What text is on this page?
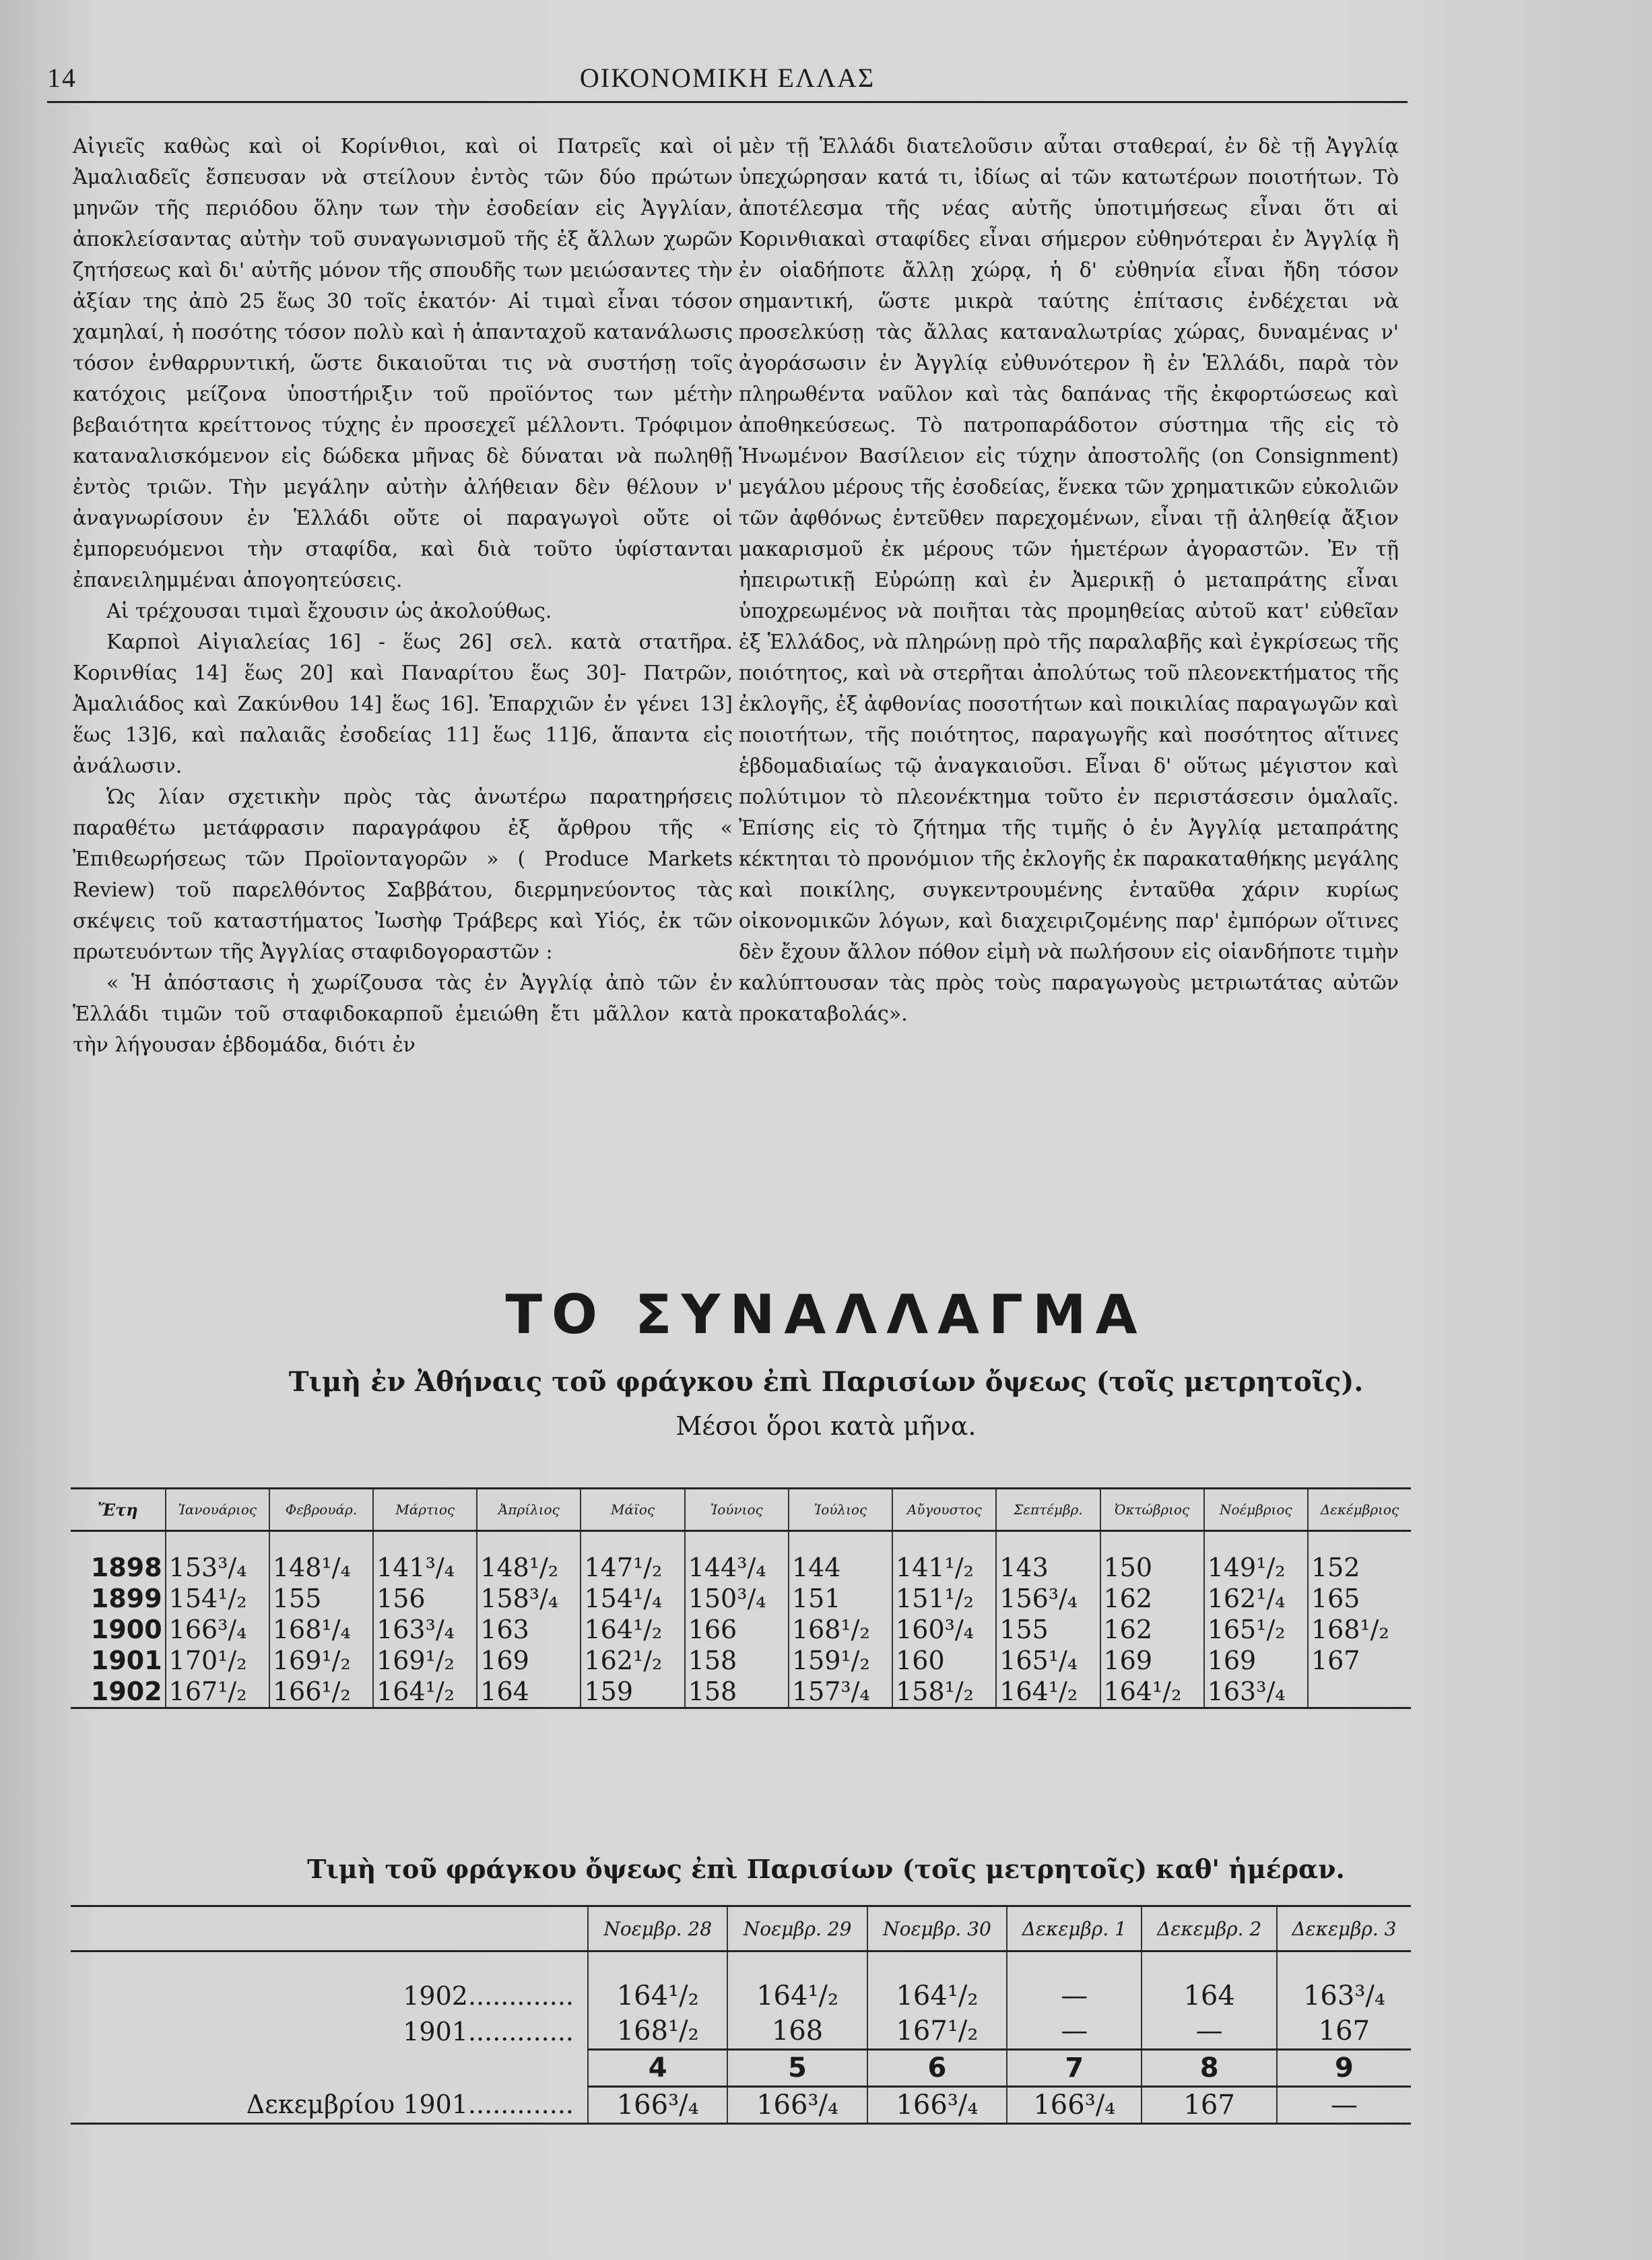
14	ΟΙΚΟΝΟΜΙΚΗ ΕΛΛΑΣ

Αἰγιεῖς καθὼς καὶ οἱ Κορίνθιοι, καὶ οἱ Πατρεῖς καὶ οἱ Ἀμαλιαδεῖς ἔσπευσαν νὰ στείλουν ἐντὸς τῶν δύο πρώτων μηνῶν τῆς περιόδου ὅλην των τὴν ἐσοδείαν εἰς Ἀγγλίαν, ἀποκλείσαντας αὐτὴν τοῦ συναγωνισμοῦ τῆς ἐξ ἄλλων χωρῶν ζητήσεως καὶ δι' αὐτῆς μόνον τῆς σπουδῆς των μειώσαντες τὴν ἀξίαν της ἀπὸ 25 ἕως 30 τοῖς ἑκατόν· Αἱ τιμαὶ εἶναι τόσον χαμηλαί, ἡ ποσότης τόσον πολὺ καὶ ἡ ἁπανταχοῦ κατανάλωσις τόσον ἐνθαρρυντική, ὥστε δικαιοῦται τις νὰ συστήσῃ τοῖς κατόχοις μείζονα ὑποστήριξιν τοῦ προϊόντος των μέτὴν βεβαιότητα κρείττονος τύχης ἐν προσεχεῖ μέλλοντι. Τρόφιμον καταναλισκόμενον εἰς δώδεκα μῆνας δὲ δύναται νὰ πωληθῇ ἐντὸς τριῶν. Τὴν μεγάλην αὐτὴν ἀλήθειαν δὲν θέλουν ν' ἀναγνωρίσουν ἐν Ἑλλάδι οὔτε οἱ παραγωγοὶ οὔτε οἱ ἐμπορευόμενοι τὴν σταφίδα, καὶ διὰ τοῦτο ὑφίστανται ἐπανειλημμέναι ἀπογοητεύσεις.

Αἱ τρέχουσαι τιμαὶ ἔχουσιν ὡς ἀκολούθως.

Καρποὶ Αἰγιαλείας 16] - ἕως 26] σελ. κατὰ στατῆρα. Κορινθίας 14] ἕως 20] καὶ Παναρίτου ἕως 30]- Πατρῶν, Ἀμαλιάδος καὶ Ζακύνθου 14] ἕως 16]. Ἐπαρχιῶν ἐν γένει 13] ἕως 13]6, καὶ παλαιᾶς ἐσοδείας 11] ἕως 11]6, ἅπαντα εἰς ἀνάλωσιν.

Ὡς λίαν σχετικὴν πρὸς τὰς ἀνωτέρω παρατηρήσεις παραθέτω μετάφρασιν παραγράφου ἐξ ἄρθρου τῆς « Ἐπιθεωρήσεως τῶν Προϊονταγορῶν » ( Produce Markets Review) τοῦ παρελθόντος Σαββάτου, διερμηνεύοντος τὰς σκέψεις τοῦ καταστήματος Ἰωσὴφ Τράβερς καὶ Υἱός, ἐκ τῶν πρωτευόντων τῆς Ἀγγλίας σταφιδογοραστῶν :

« Ἡ ἀπόστασις ἡ χωρίζουσα τὰς ἐν Ἀγγλίᾳ ἀπὸ τῶν ἐν Ἑλλάδι τιμῶν τοῦ σταφιδοκαρποῦ ἐμειώθη ἔτι μᾶλλον κατὰ τὴν λήγουσαν ἑβδομάδα, διότι ἐν

μὲν τῇ Ἑλλάδι διατελοῦσιν αὗται σταθεραί, ἐν δὲ τῇ Ἀγγλίᾳ ὑπεχώρησαν κατά τι, ἰδίως αἱ τῶν κατωτέρων ποιοτήτων. Τὸ ἀποτέλεσμα τῆς νέας αὐτῆς ὑποτιμήσεως εἶναι ὅτι αἱ Κορινθιακαὶ σταφίδες εἶναι σήμερον εὐθηνότεραι ἐν Ἀγγλίᾳ ἢ ἐν οἱαδήποτε ἄλλῃ χώρᾳ, ἡ δ' εὐθηνία εἶναι ἤδη τόσον σημαντική, ὥστε μικρὰ ταύτης ἐπίτασις ἐνδέχεται νὰ προσελκύσῃ τὰς ἄλλας καταναλωτρίας χώρας, δυναμένας ν' ἀγοράσωσιν ἐν Ἀγγλίᾳ εὐθυνότερον ἢ ἐν Ἑλλάδι, παρὰ τὸν πληρωθέντα ναῦλον καὶ τὰς δαπάνας τῆς ἐκφορτώσεως καὶ ἀποθηκεύσεως. Τὸ πατροπαράδοτον σύστημα τῆς εἰς τὸ Ἡνωμένον Βασίλειον εἰς τύχην ἀποστολῆς (on Consignment) μεγάλου μέρους τῆς ἐσοδείας, ἕνεκα τῶν χρηματικῶν εὐκολιῶν τῶν ἀφθόνως ἐντεῦθεν παρεχομένων, εἶναι τῇ ἀληθείᾳ ἄξιον μακαρισμοῦ ἐκ μέρους τῶν ἡμετέρων ἀγοραστῶν. Ἐν τῇ ἠπειρωτικῇ Εὐρώπῃ καὶ ἐν Ἀμερικῇ ὁ μεταπράτης εἶναι ὑποχρεωμένος νὰ ποιῆται τὰς προμηθείας αὐτοῦ κατ' εὐθεῖαν ἐξ Ἑλλάδος, νὰ πληρώνῃ πρὸ τῆς παραλαβῆς καὶ ἐγκρίσεως τῆς ποιότητος, καὶ νὰ στερῆται ἀπολύτως τοῦ πλεονεκτήματος τῆς ἐκλογῆς, ἐξ ἀφθονίας ποσοτήτων καὶ ποικιλίας παραγωγῶν καὶ ποιοτήτων, τῆς ποιότητος, παραγωγῆς καὶ ποσότητος αἵτινες ἑβδομαδιαίως τῷ ἀναγκαιοῦσι. Εἶναι δ' οὕτως μέγιστον καὶ πολύτιμον τὸ πλεονέκτημα τοῦτο ἐν περιστάσεσιν ὁμαλαῖς. Ἐπίσης εἰς τὸ ζήτημα τῆς τιμῆς ὁ ἐν Ἀγγλίᾳ μεταπράτης κέκτηται τὸ προνόμιον τῆς ἐκλογῆς ἐκ παρακαταθήκης μεγάλης καὶ ποικίλης, συγκεντρουμένης ἐνταῦθα χάριν κυρίως οἰκονομικῶν λόγων, καὶ διαχειριζομένης παρ' ἐμπόρων οἵτινες δὲν ἔχουν ἄλλον πόθον εἰμὴ νὰ πωλήσουν εἰς οἱανδήποτε τιμὴν καλύπτουσαν τὰς πρὸς τοὺς παραγωγοὺς μετριωτάτας αὐτῶν προκαταβολάς».

ΤΟ ΣΥΝΑΛΛΑΓΜΑ
Τιμὴ ἐν Ἀθήναις τοῦ φράγκου ἐπὶ Παρισίων ὄψεως (τοῖς μετρητοῖς).
Μέσοι ὅροι κατὰ μῆνα.
Ἔτη	Ἰανουάριος	Φεβρουάρ.	Μάρτιος	Ἀπρίλιος	Μάϊος	Ἰούνιος	Ἰούλιος	Αὔγουστος	Σεπτέμβρ.	Ὀκτώβριος	Νοέμβριος	Δεκέμβριος

1898	153³/₄	148¹/₄	141³/₄	148¹/₂	147¹/₂	144³/₄	144	141¹/₂	143	150	149¹/₂	152
1899	154¹/₂	155	156	158³/₄	154¹/₄	150³/₄	151	151¹/₂	156³/₄	162	162¹/₄	165
1900	166³/₄	168¹/₄	163³/₄	163	164¹/₂	166	168¹/₂	160³/₄	155	162	165¹/₂	168¹/₂
1901	170¹/₂	169¹/₂	169¹/₂	169	162¹/₂	158	159¹/₂	160	165¹/₄	169	169	167
1902	167¹/₂	166¹/₂	164¹/₂	164	159	158	157³/₄	158¹/₂	164¹/₂	164¹/₂	163³/₄	
Τιμὴ τοῦ φράγκου ὄψεως ἐπὶ Παρισίων (τοῖς μετρητοῖς) καθ' ἡμέραν.
	Νοεμβρ. 28	Νοεμβρ. 29	Νοεμβρ. 30	Δεκεμβρ. 1	Δεκεμβρ. 2	Δεκεμβρ. 3
1902.............	164¹/₂	164¹/₂	164¹/₂	—	164	163³/₄
1901.............	168¹/₂	168	167¹/₂	—	—	167
	4	5	6	7	8	9
Δεκεμβρίου 1901.............	166³/₄	166³/₄	166³/₄	166³/₄	167	—
